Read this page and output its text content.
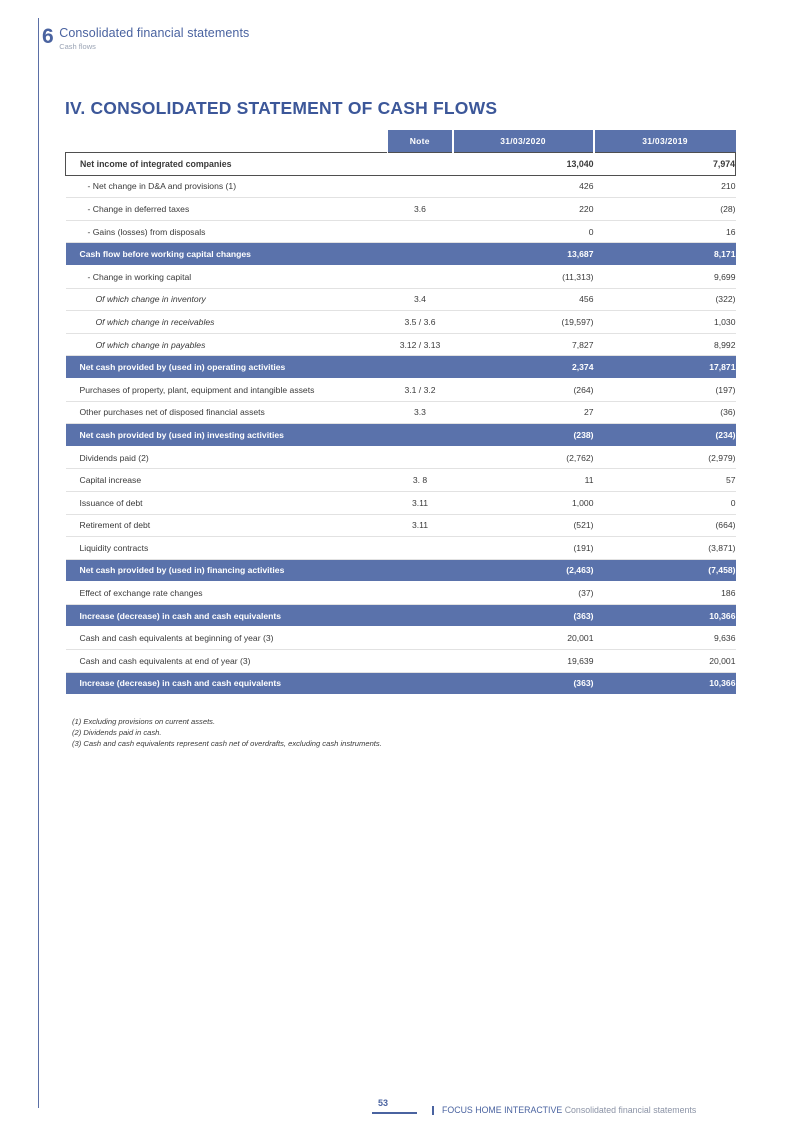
6 Consolidated financial statements
Cash flows
IV. CONSOLIDATED STATEMENT OF CASH FLOWS
	Note	31/03/2020	31/03/2019
Net income of integrated companies		13,040	7,974
- Net change in D&A and provisions (1)		426	210
- Change in deferred taxes	3.6	220	(28)
- Gains (losses) from disposals		0	16
Cash flow before working capital changes		13,687	8,171
- Change in working capital		(11,313)	9,699
Of which change in inventory	3.4	456	(322)
Of which change in receivables	3.5 / 3.6	(19,597)	1,030
Of which change in payables	3.12 / 3.13	7,827	8,992
Net cash provided by (used in) operating activities		2,374	17,871
Purchases of property, plant, equipment and intangible assets	3.1 / 3.2	(264)	(197)
Other purchases net of disposed financial assets	3.3	27	(36)
Net cash provided by (used in) investing activities		(238)	(234)
Dividends paid (2)		(2,762)	(2,979)
Capital increase	3. 8	11	57
Issuance of debt	3.11	1,000	0
Retirement of debt	3.11	(521)	(664)
Liquidity contracts		(191)	(3,871)
Net cash provided by (used in) financing activities		(2,463)	(7,458)
Effect of exchange rate changes		(37)	186
Increase (decrease) in cash and cash equivalents		(363)	10,366
Cash and cash equivalents at beginning of year (3)		20,001	9,636
Cash and cash equivalents at end of year (3)		19,639	20,001
Increase (decrease) in cash and cash equivalents		(363)	10,366
(1) Excluding provisions on current assets.
(2) Dividends paid in cash.
(3) Cash and cash equivalents represent cash net of overdrafts, excluding cash instruments.
53
FOCUS HOME INTERACTIVE Consolidated financial statements
